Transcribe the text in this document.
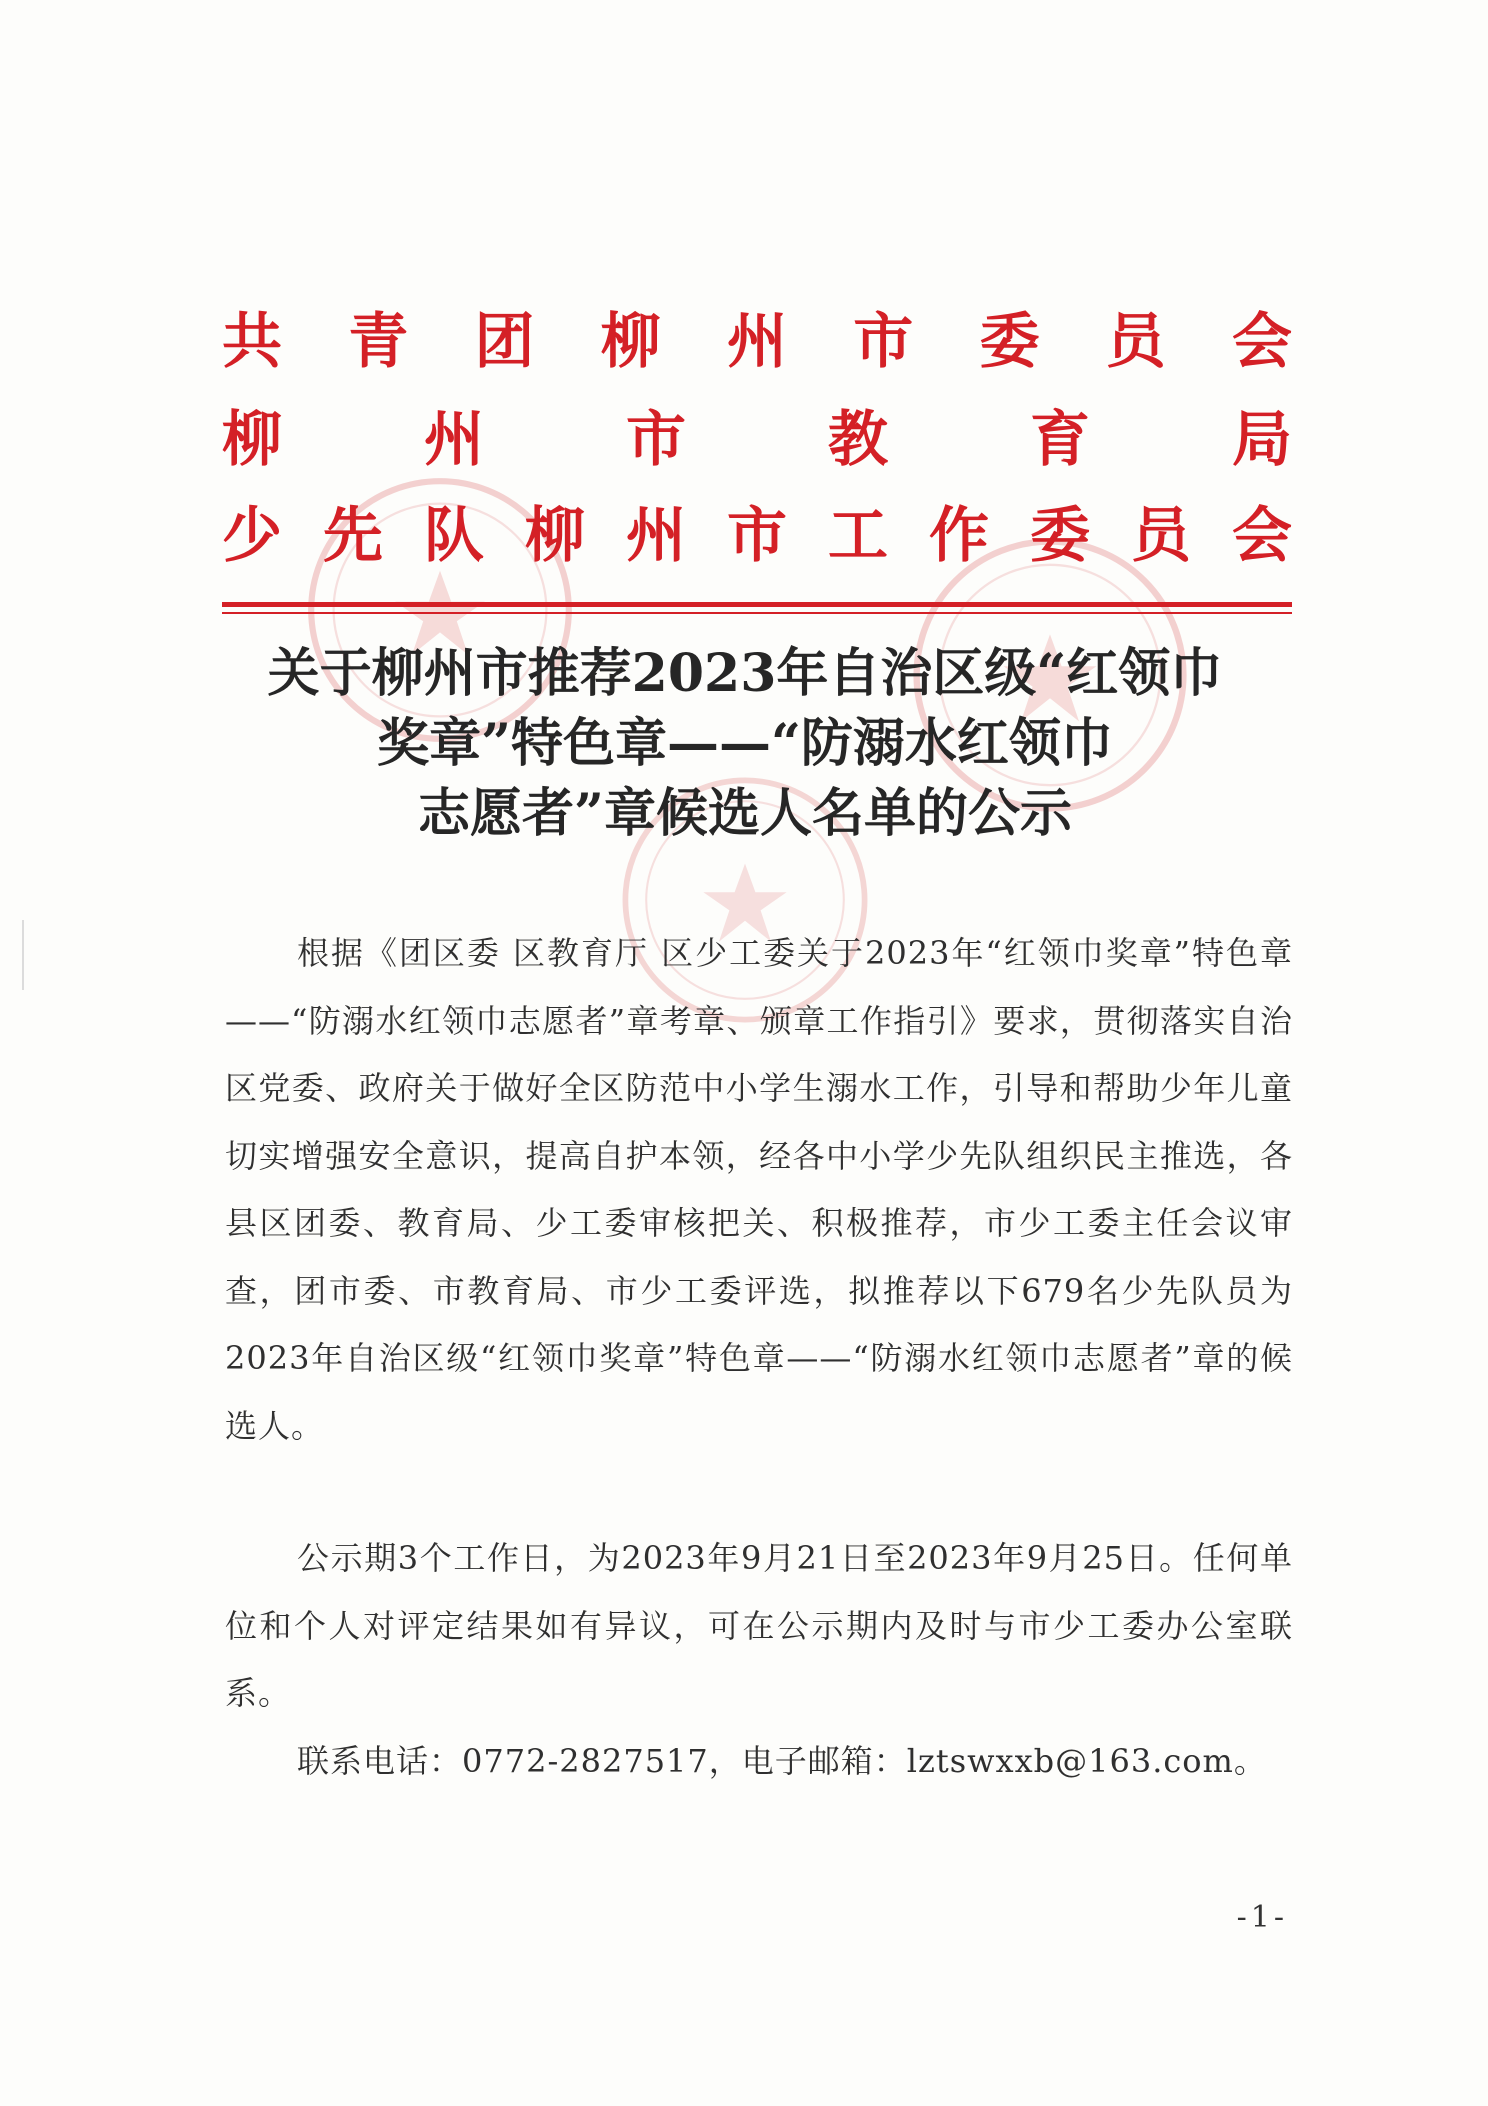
共 青 团 柳 州 市 委 员 会
柳 州 市 教 育 局
少 先 队 柳 州 市 工 作 委 员 会
关于柳州市推荐2023年自治区级“红领巾
奖章”特色章——“防溺水红领巾
志愿者”章候选人名单的公示
根据《团区委 区教育厅 区少工委关于2023年“红领巾奖章”特色章——“防溺水红领巾志愿者”章考章、颁章工作指引》要求，贯彻落实自治区党委、政府关于做好全区防范中小学生溺水工作，引导和帮助少年儿童切实增强安全意识，提高自护本领，经各中小学少先队组织民主推选，各县区团委、教育局、少工委审核把关、积极推荐，市少工委主任会议审查，团市委、市教育局、市少工委评选，拟推荐以下679名少先队员为2023年自治区级“红领巾奖章”特色章——“防溺水红领巾志愿者”章的候选人。
公示期3个工作日，为2023年9月21日至2023年9月25日。任何单位和个人对评定结果如有异议，可在公示期内及时与市少工委办公室联系。
联系电话：0772-2827517，电子邮箱：lztswxxb@163.com。
-1-
